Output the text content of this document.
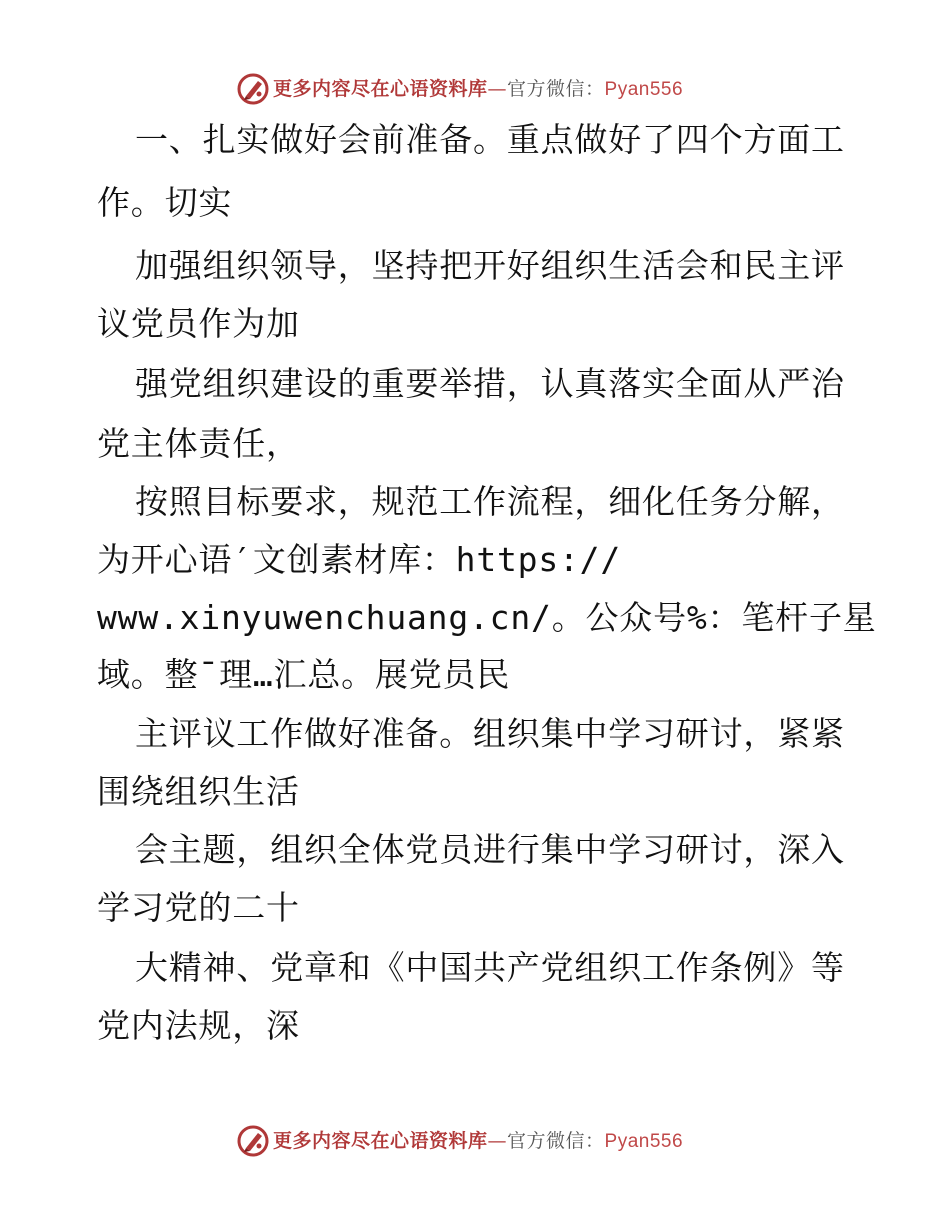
更多内容尽在心语资料库—官方微信：Pyan556
一、扎实做好会前准备。重点做好了四个方面工
作。切实
加强组织领导，坚持把开好组织生活会和民主评
议党员作为加
强党组织建设的重要举措，认真落实全面从严治
党主体责任，
按照目标要求，规范工作流程，细化任务分解，
为开心语′文创素材库：https://
www.xinyuwenchuang.cn/。公众号%：笔杆子星
域。整¯理…汇总。展党员民
主评议工作做好准备。组织集中学习研讨，紧紧
围绕组织生活
会主题，组织全体党员进行集中学习研讨，深入
学习党的二十
大精神、党章和《中国共产党组织工作条例》等
党内法规，深
更多内容尽在心语资料库—官方微信：Pyan556
